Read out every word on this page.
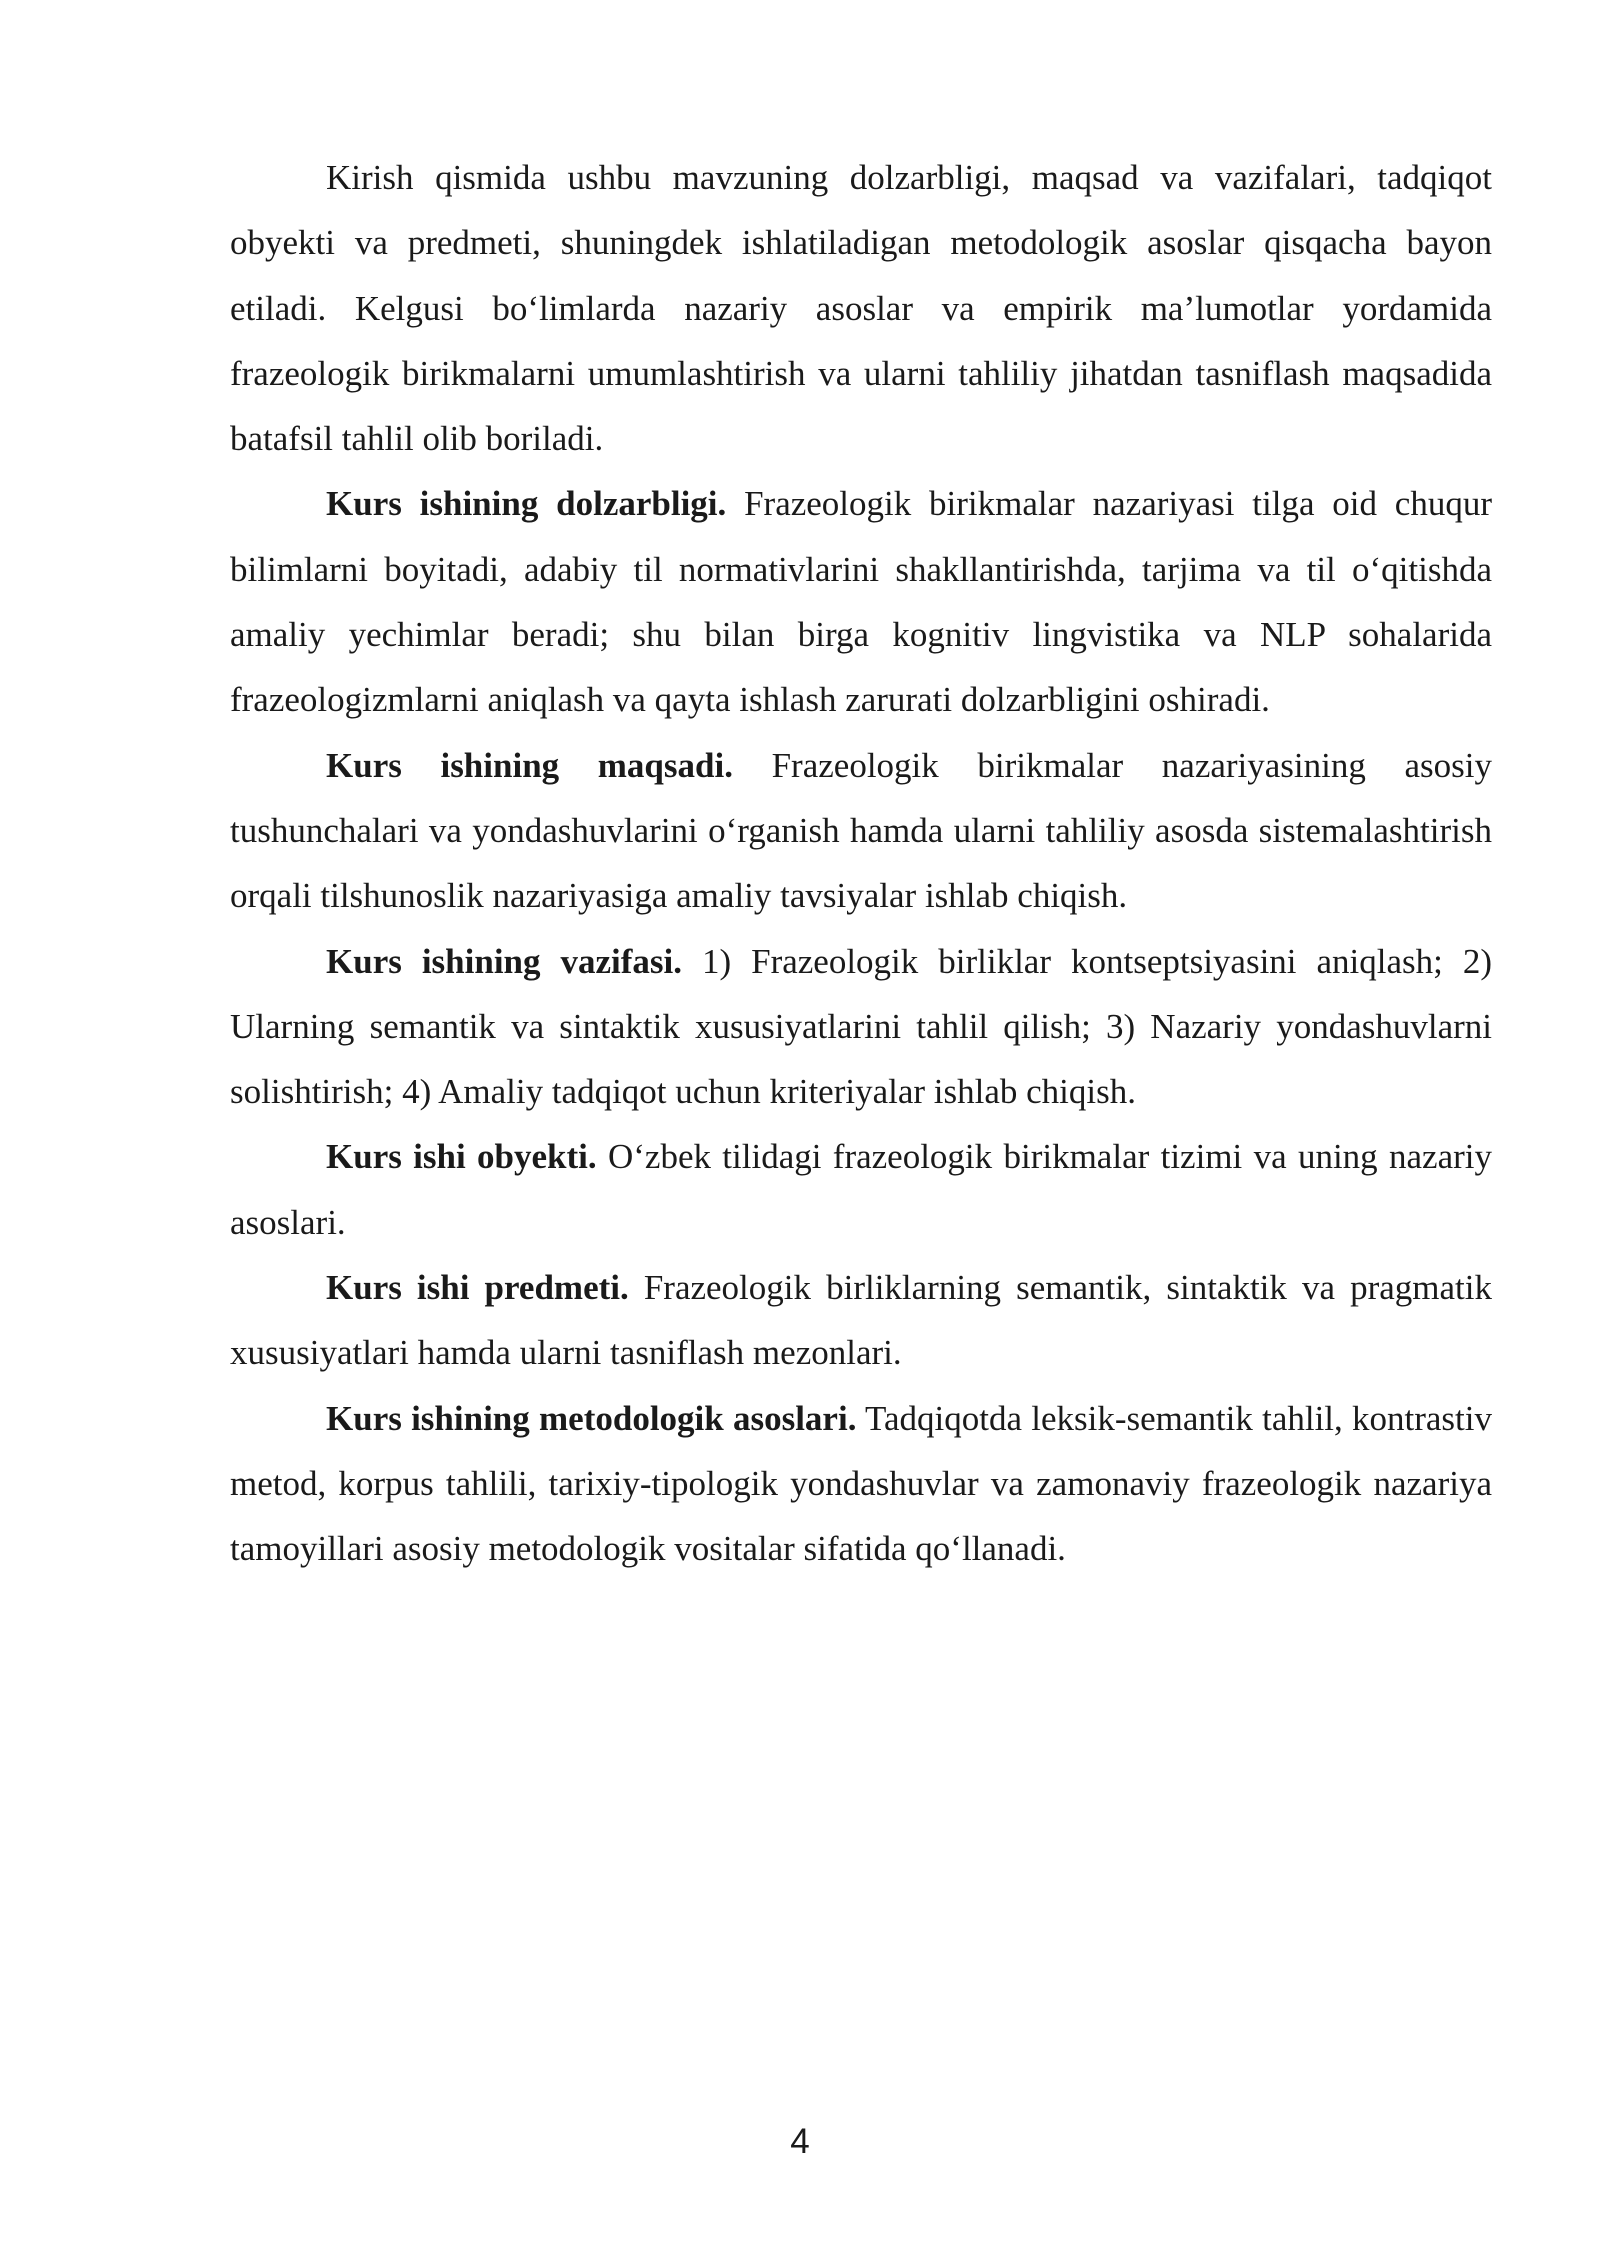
Kirish qismida ushbu mavzuning dolzarbligi, maqsad va vazifalari, tadqiqot obyekti va predmeti, shuningdek ishlatiladigan metodologik asoslar qisqacha bayon etiladi. Kelgusi bo‘limlarda nazariy asoslar va empirik ma’lumotlar yordamida frazeologik birikmalarni umumlashtirish va ularni tahliliy jihatdan tasniflash maqsadida batafsil tahlil olib boriladi.

Kurs ishining dolzarbligi. Frazeologik birikmalar nazariyasi tilga oid chuqur bilimlarni boyitadi, adabiy til normativlarini shakllantirishda, tarjima va til o‘qitishda amaliy yechimlar beradi; shu bilan birga kognitiv lingvistika va NLP sohalarida frazeologizmlarni aniqlash va qayta ishlash zarurati dolzarbligini oshiradi.

Kurs ishining maqsadi. Frazeologik birikmalar nazariyasining asosiy tushunchalari va yondashuvlarini o‘rganish hamda ularni tahliliy asosda sistemalashtirish orqali tilshunoslik nazariyasiga amaliy tavsiyalar ishlab chiqish.

Kurs ishining vazifasi. 1) Frazeologik birliklar kontseptsiyasini aniqlash; 2) Ularning semantik va sintaktik xususiyatlarini tahlil qilish; 3) Nazariy yondashuvlarni solishtirish; 4) Amaliy tadqiqot uchun kriteriyalar ishlab chiqish.

Kurs ishi obyekti. O‘zbek tilidagi frazeologik birikmalar tizimi va uning nazariy asoslari.

Kurs ishi predmeti. Frazeologik birliklarning semantik, sintaktik va pragmatik xususiyatlari hamda ularni tasniflash mezonlari.

Kurs ishining metodologik asoslari. Tadqiqotda leksik-semantik tahlil, kontrastiv metod, korpus tahlili, tarixiy-tipologik yondashuvlar va zamonaviy frazeologik nazariya tamoyillari asosiy metodologik vositalar sifatida qo‘llanadi.

4
